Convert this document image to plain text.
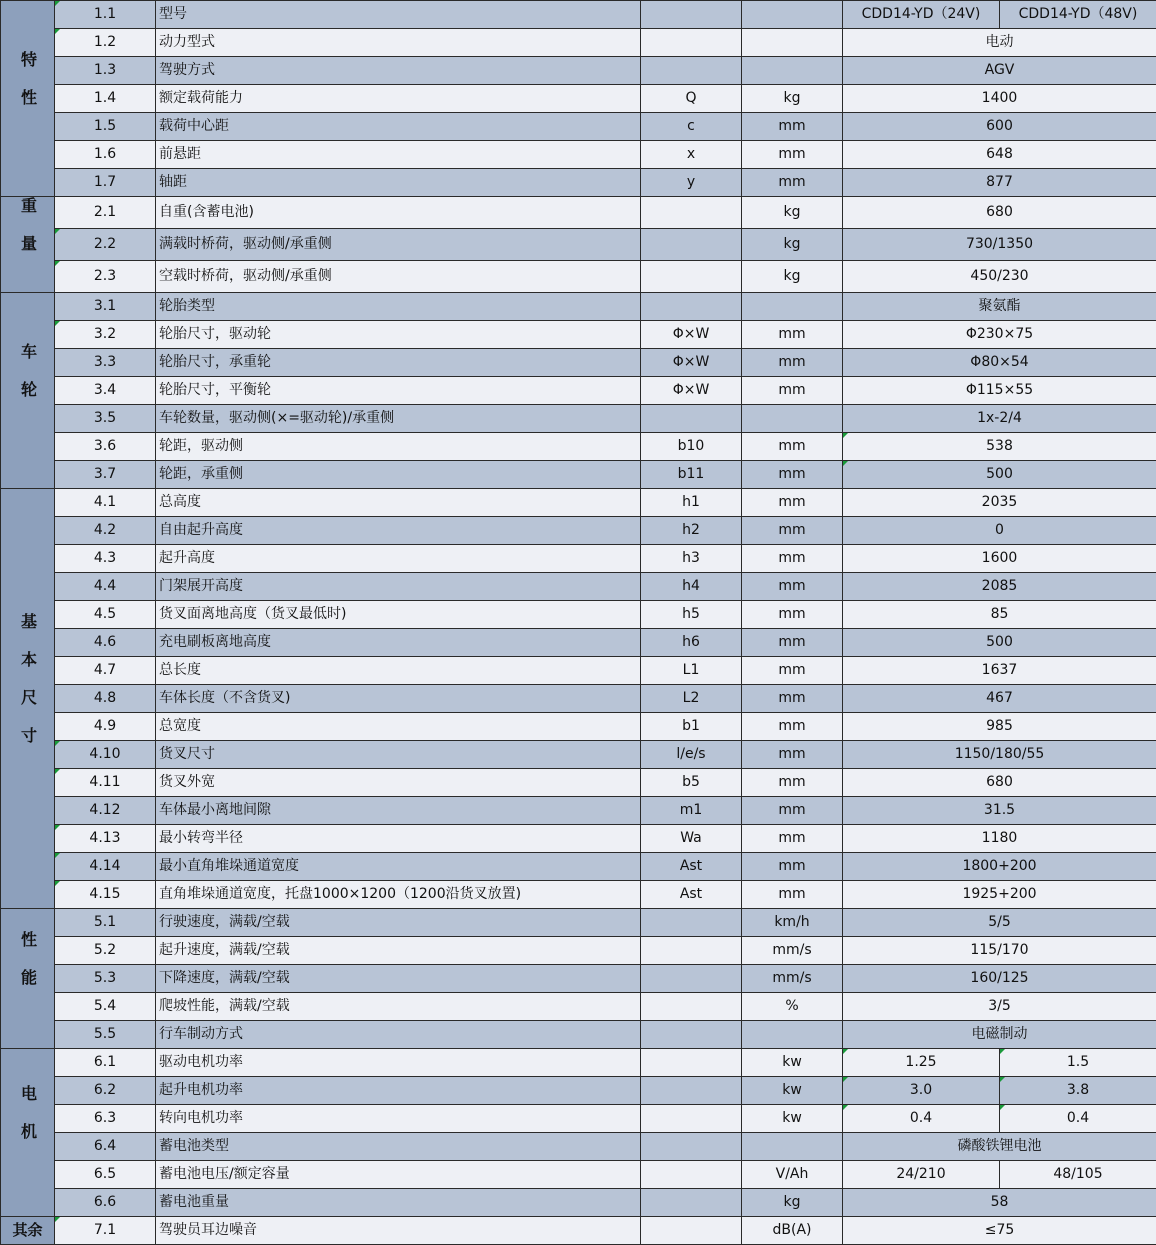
特性	1.1	型号			CDD14-YD（24V)	CDD14-YD（48V)
	1.2	动力型式			电动	
	1.3	驾驶方式			AGV	
	1.4	额定载荷能力	Q	kg	1400	
	1.5	载荷中心距	c	mm	600	
	1.6	前悬距	x	mm	648	
	1.7	轴距	y	mm	877	
重量	2.1	自重(含蓄电池)		kg	680	
	2.2	满载时桥荷，驱动侧/承重侧		kg	730/1350	
	2.3	空载时桥荷，驱动侧/承重侧		kg	450/230	
车轮	3.1	轮胎类型			聚氨酯	
	3.2	轮胎尺寸，驱动轮	Φ×W	mm	Φ230×75	
	3.3	轮胎尺寸，承重轮	Φ×W	mm	Φ80×54	
	3.4	轮胎尺寸，平衡轮	Φ×W	mm	Φ115×55	
	3.5	车轮数量，驱动侧(×=驱动轮)/承重侧			1x-2/4	
	3.6	轮距，驱动侧	b10	mm	538	
	3.7	轮距，承重侧	b11	mm	500	
基本尺寸	4.1	总高度	h1	mm	2035	
	4.2	自由起升高度	h2	mm	0	
	4.3	起升高度	h3	mm	1600	
	4.4	门架展开高度	h4	mm	2085	
	4.5	货叉面离地高度（货叉最低时)	h5	mm	85	
	4.6	充电刷板离地高度	h6	mm	500	
	4.7	总长度	L1	mm	1637	
	4.8	车体长度（不含货叉)	L2	mm	467	
	4.9	总宽度	b1	mm	985	
	4.10	货叉尺寸	l/e/s	mm	1150/180/55	
	4.11	货叉外宽	b5	mm	680	
	4.12	车体最小离地间隙	m1	mm	31.5	
	4.13	最小转弯半径	Wa	mm	1180	
	4.14	最小直角堆垛通道宽度	Ast	mm	1800+200	
	4.15	直角堆垛通道宽度，托盘1000×1200（1200沿货叉放置)	Ast	mm	1925+200	
性能	5.1	行驶速度，满载/空载		km/h	5/5	
	5.2	起升速度，满载/空载		mm/s	115/170	
	5.3	下降速度，满载/空载		mm/s	160/125	
	5.4	爬坡性能，满载/空载		%	3/5	
	5.5	行车制动方式			电磁制动	
电机	6.1	驱动电机功率		kw	1.25	1.5
	6.2	起升电机功率		kw	3.0	3.8
	6.3	转向电机功率		kw	0.4	0.4
	6.4	蓄电池类型			磷酸铁锂电池	
	6.5	蓄电池电压/额定容量		V/Ah	24/210	48/105
	6.6	蓄电池重量		kg	58	
其余	7.1	驾驶员耳边噪音		dB(A)	≤75	
